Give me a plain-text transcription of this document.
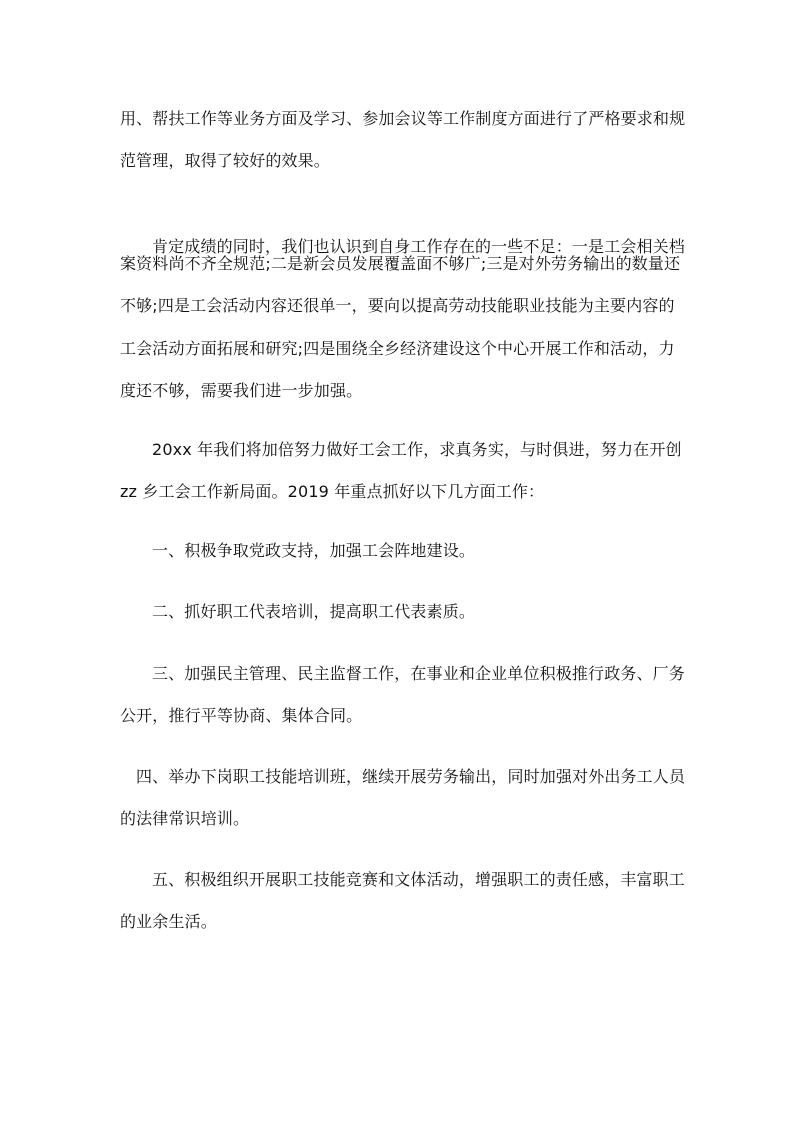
用、帮扶工作等业务方面及学习、参加会议等工作制度方面进行了严格要求和规
范管理，取得了较好的效果。
肯定成绩的同时，我们也认识到自身工作存在的一些不足：一是工会相关档
案资料尚不齐全规范;二是新会员发展覆盖面不够广;三是对外劳务输出的数量还
不够;四是工会活动内容还很单一，要向以提高劳动技能职业技能为主要内容的
工会活动方面拓展和研究;四是围绕全乡经济建设这个中心开展工作和活动，力
度还不够，需要我们进一步加强。
20xx 年我们将加倍努力做好工会工作，求真务实，与时俱进，努力在开创
zz 乡工会工作新局面。2019 年重点抓好以下几方面工作：
一、积极争取党政支持，加强工会阵地建设。
二、抓好职工代表培训，提高职工代表素质。
三、加强民主管理、民主监督工作，在事业和企业单位积极推行政务、厂务
公开，推行平等协商、集体合同。
四、举办下岗职工技能培训班，继续开展劳务输出，同时加强对外出务工人员
的法律常识培训。
五、积极组织开展职工技能竞赛和文体活动，增强职工的责任感，丰富职工
的业余生活。
